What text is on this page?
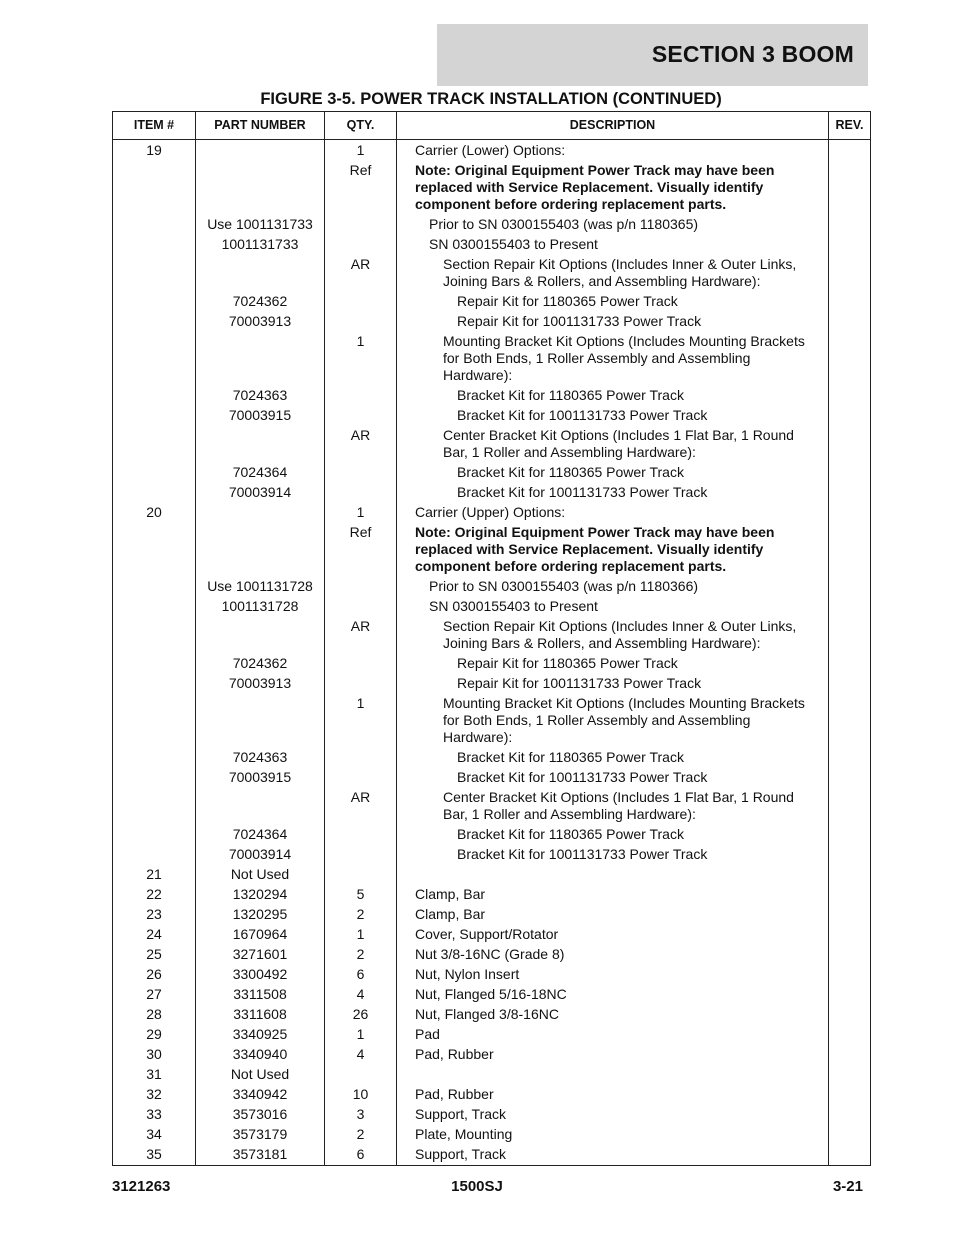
SECTION 3 BOOM
FIGURE 3-5. POWER TRACK INSTALLATION (CONTINUED)
ITEM #	PART NUMBER	QTY.	DESCRIPTION	REV.
19		1	Carrier (Lower) Options:	
		Ref	Note: Original Equipment Power Track may have been replaced with Service Replacement. Visually identify component before ordering replacement parts.	
	Use 1001131733		Prior to SN 0300155403 (was p/n 1180365)	
	1001131733		SN 0300155403 to Present	
		AR	Section Repair Kit Options (Includes Inner & Outer Links, Joining Bars & Rollers, and Assembling Hardware):	
	7024362		Repair Kit for 1180365 Power Track	
	70003913		Repair Kit for 1001131733 Power Track	
		1	Mounting Bracket Kit Options (Includes Mounting Brackets for Both Ends, 1 Roller Assembly and Assembling Hardware):	
	7024363		Bracket Kit for 1180365 Power Track	
	70003915		Bracket Kit for 1001131733 Power Track	
		AR	Center Bracket Kit Options (Includes 1 Flat Bar, 1 Round Bar, 1 Roller and Assembling Hardware):	
	7024364		Bracket Kit for 1180365 Power Track	
	70003914		Bracket Kit for 1001131733 Power Track	
20		1	Carrier (Upper) Options:	
		Ref	Note: Original Equipment Power Track may have been replaced with Service Replacement. Visually identify component before ordering replacement parts.	
	Use 1001131728		Prior to SN 0300155403 (was p/n 1180366)	
	1001131728		SN 0300155403 to Present	
		AR	Section Repair Kit Options (Includes Inner & Outer Links, Joining Bars & Rollers, and Assembling Hardware):	
	7024362		Repair Kit for 1180365 Power Track	
	70003913		Repair Kit for 1001131733 Power Track	
		1	Mounting Bracket Kit Options (Includes Mounting Brackets for Both Ends, 1 Roller Assembly and Assembling Hardware):	
	7024363		Bracket Kit for 1180365 Power Track	
	70003915		Bracket Kit for 1001131733 Power Track	
		AR	Center Bracket Kit Options (Includes 1 Flat Bar, 1 Round Bar, 1 Roller and Assembling Hardware):	
	7024364		Bracket Kit for 1180365 Power Track	
	70003914		Bracket Kit for 1001131733 Power Track	
21	Not Used			
22	1320294	5	Clamp, Bar	
23	1320295	2	Clamp, Bar	
24	1670964	1	Cover, Support/Rotator	
25	3271601	2	Nut 3/8-16NC (Grade 8)	
26	3300492	6	Nut, Nylon Insert	
27	3311508	4	Nut, Flanged 5/16-18NC	
28	3311608	26	Nut, Flanged 3/8-16NC	
29	3340925	1	Pad	
30	3340940	4	Pad, Rubber	
31	Not Used			
32	3340942	10	Pad, Rubber	
33	3573016	3	Support, Track	
34	3573179	2	Plate, Mounting	
35	3573181	6	Support, Track	
3121263	1500SJ	3-21
